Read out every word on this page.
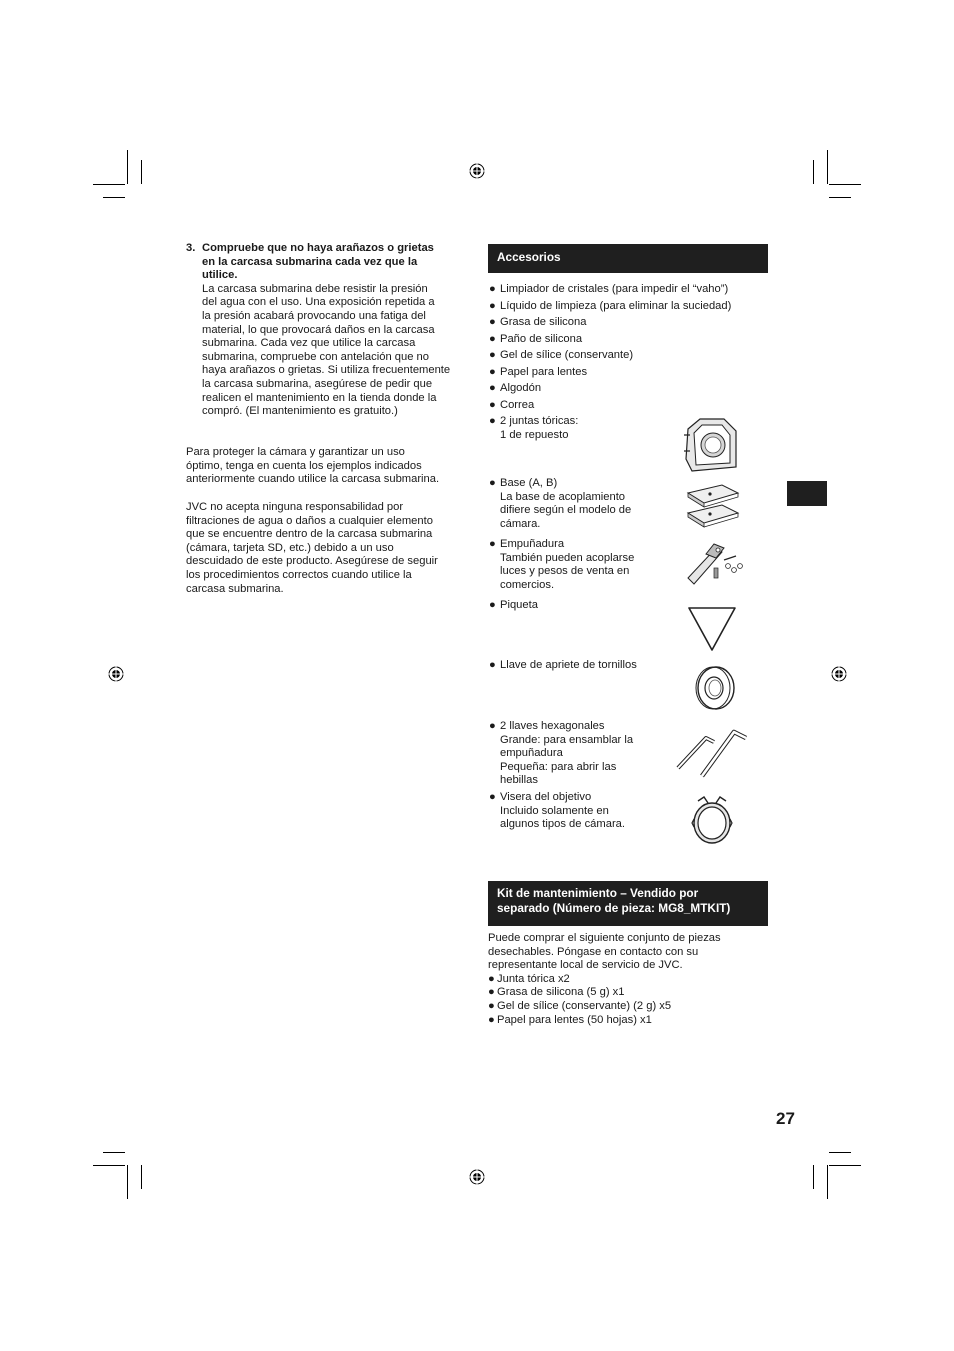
3. Compruebe que no haya arañazos o grietas
en la carcasa submarina cada vez que la
utilice.
La carcasa submarina debe resistir la presión
del agua con el uso. Una exposición repetida a
la presión acabará provocando una fatiga del
material, lo que provocará daños en la carcasa
submarina. Cada vez que utilice la carcasa
submarina, compruebe con antelación que no
haya arañazos o grietas. Si utiliza frecuentemente
la carcasa submarina, asegúrese de pedir que
realicen el mantenimiento en la tienda donde la
compró. (El mantenimiento es gratuito.)
Para proteger la cámara y garantizar un uso
óptimo, tenga en cuenta los ejemplos indicados
anteriormente cuando utilice la carcasa submarina.
JVC no acepta ninguna responsabilidad por
filtraciones de agua o daños a cualquier elemento
que se encuentre dentro de la carcasa submarina
(cámara, tarjeta SD, etc.) debido a un uso
descuidado de este producto. Asegúrese de seguir
los procedimientos correctos cuando utilice la
carcasa submarina.
Accesorios
● Limpiador de cristales (para impedir el “vaho”)
● Líquido de limpieza (para eliminar la suciedad)
● Grasa de silicona
● Paño de silicona
● Gel de sílice (conservante)
● Papel para lentes
● Algodón
● Correa
● 2 juntas tóricas:
1 de repuesto
● Base (A, B)
La base de acoplamiento
difiere según el modelo de
cámara.
● Empuñadura
También pueden acoplarse
luces y pesos de venta en
comercios.
● Piqueta
● Llave de apriete de tornillos
● 2 llaves hexagonales
Grande: para ensamblar la
empuñadura
Pequeña: para abrir las
hebillas
● Visera del objetivo
Incluido solamente en
algunos tipos de cámara.
Kit de mantenimiento – Vendido por
separado (Número de pieza: MG8_MTKIT)
Puede comprar el siguiente conjunto de piezas
desechables. Póngase en contacto con su
representante local de servicio de JVC.
● Junta tórica x2
● Grasa de silicona (5 g) x1
● Gel de sílice (conservante) (2 g) x5
● Papel para lentes (50 hojas) x1
27
